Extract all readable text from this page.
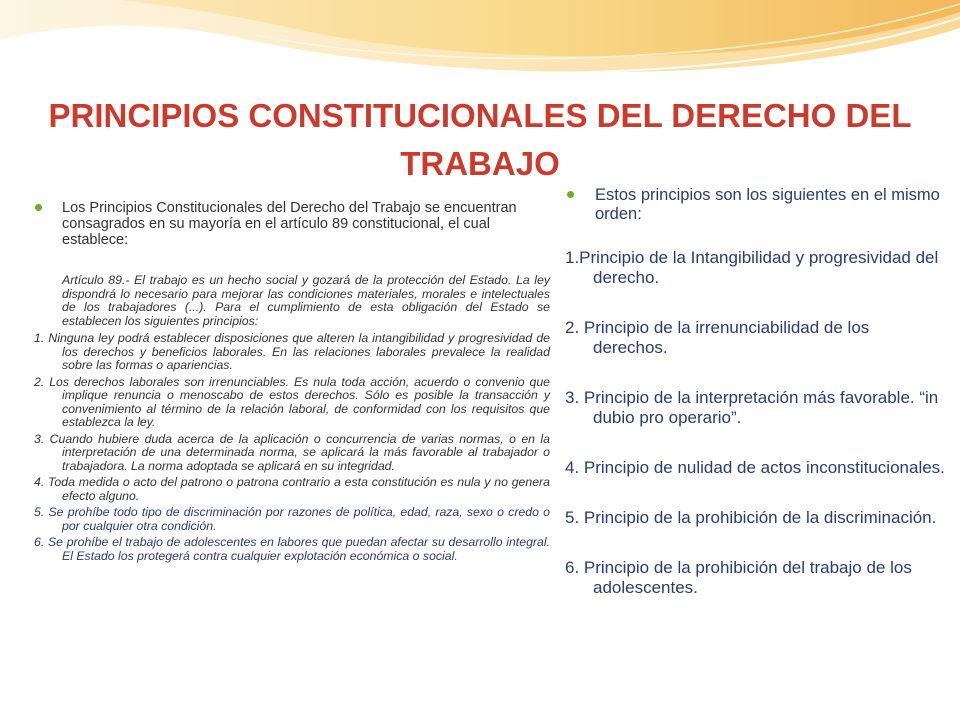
PRINCIPIOS CONSTITUCIONALES DEL DERECHO DEL TRABAJO
Los Principios Constitucionales del Derecho del Trabajo se encuentran consagrados en su mayoría en el artículo 89 constitucional, el cual establece:

Artículo 89.- El trabajo es un hecho social y gozará de la protección del Estado. La ley dispondrá lo necesario para mejorar las condiciones materiales, morales e intelectuales de los trabajadores (...). Para el cumplimiento de esta obligación del Estado se establecen los siguientes principios:

1. Ninguna ley podrá establecer disposiciones que alteren la intangibilidad y progresividad de los derechos y beneficios laborales. En las relaciones laborales prevalece la realidad sobre las formas o apariencias.
2. Los derechos laborales son irrenunciables. Es nula toda acción, acuerdo o convenio que implique renuncia o menoscabo de estos derechos. Sólo es posible la transacción y convenimiento al término de la relación laboral, de conformidad con los requisitos que establezca la ley.
3. Cuando hubiere duda acerca de la aplicación o concurrencia de varias normas, o en la interpretación de una determinada norma, se aplicará la más favorable al trabajador o trabajadora. La norma adoptada se aplicará en su integridad.
4. Toda medida o acto del patrono o patrona contrario a esta constitución es nula y no genera efecto alguno.
5. Se prohíbe todo tipo de discriminación por razones de política, edad, raza, sexo o credo o por cualquier otra condición.
6. Se prohíbe el trabajo de adolescentes en labores que puedan afectar su desarrollo integral. El Estado los protegerá contra cualquier explotación económica o social.
Estos principios son los siguientes en el mismo orden:
1.Principio de la Intangibilidad y progresividad del derecho.
2. Principio de la irrenunciabilidad de los derechos.
3. Principio de la interpretación más favorable. “in dubio pro operario”.
4. Principio de nulidad de actos inconstitucionales.
5. Principio de la prohibición de la discriminación.
6. Principio de la prohibición del trabajo de los adolescentes.
